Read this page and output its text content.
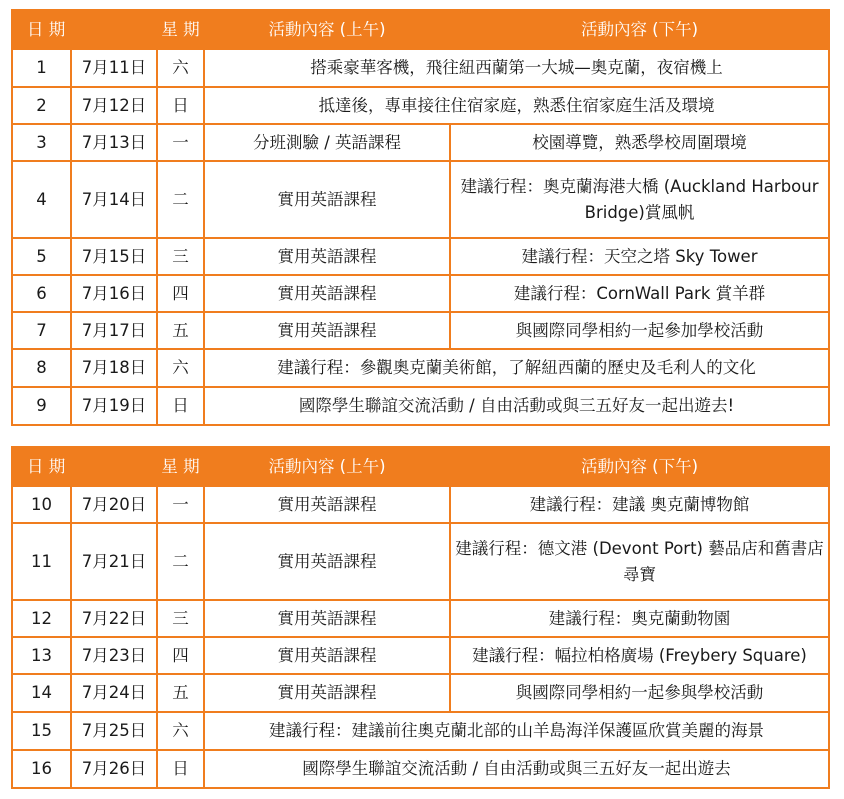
日 期		星 期	活動內容 (上午)	活動內容 (下午)
1	7月11日	六	搭乘豪華客機，飛往紐西蘭第一大城—奧克蘭，夜宿機上	
2	7月12日	日	抵達後，專車接往住宿家庭，熟悉住宿家庭生活及環境	
3	7月13日	一	分班測驗 / 英語課程	校園導覽，熟悉學校周圍環境
4	7月14日	二	實用英語課程	建議行程：奧克蘭海港大橋 (Auckland Harbour Bridge)賞風帆
5	7月15日	三	實用英語課程	建議行程：天空之塔 Sky Tower
6	7月16日	四	實用英語課程	建議行程：CornWall Park 賞羊群
7	7月17日	五	實用英語課程	與國際同學相約一起參加學校活動
8	7月18日	六	建議行程：參觀奧克蘭美術館，了解紐西蘭的歷史及毛利人的文化	
9	7月19日	日	國際學生聯誼交流活動 / 自由活動或與三五好友一起出遊去!	
日 期		星 期	活動內容 (上午)	活動內容 (下午)
10	7月20日	一	實用英語課程	建議行程：建議 奧克蘭博物館
11	7月21日	二	實用英語課程	建議行程：德文港 (Devont Port) 藝品店和舊書店尋寶
12	7月22日	三	實用英語課程	建議行程：奧克蘭動物園
13	7月23日	四	實用英語課程	建議行程：幅拉柏格廣場 (Freybery Square)
14	7月24日	五	實用英語課程	與國際同學相約一起參與學校活動
15	7月25日	六	建議行程：建議前往奧克蘭北部的山羊島海洋保護區欣賞美麗的海景	
16	7月26日	日	國際學生聯誼交流活動 / 自由活動或與三五好友一起出遊去	
